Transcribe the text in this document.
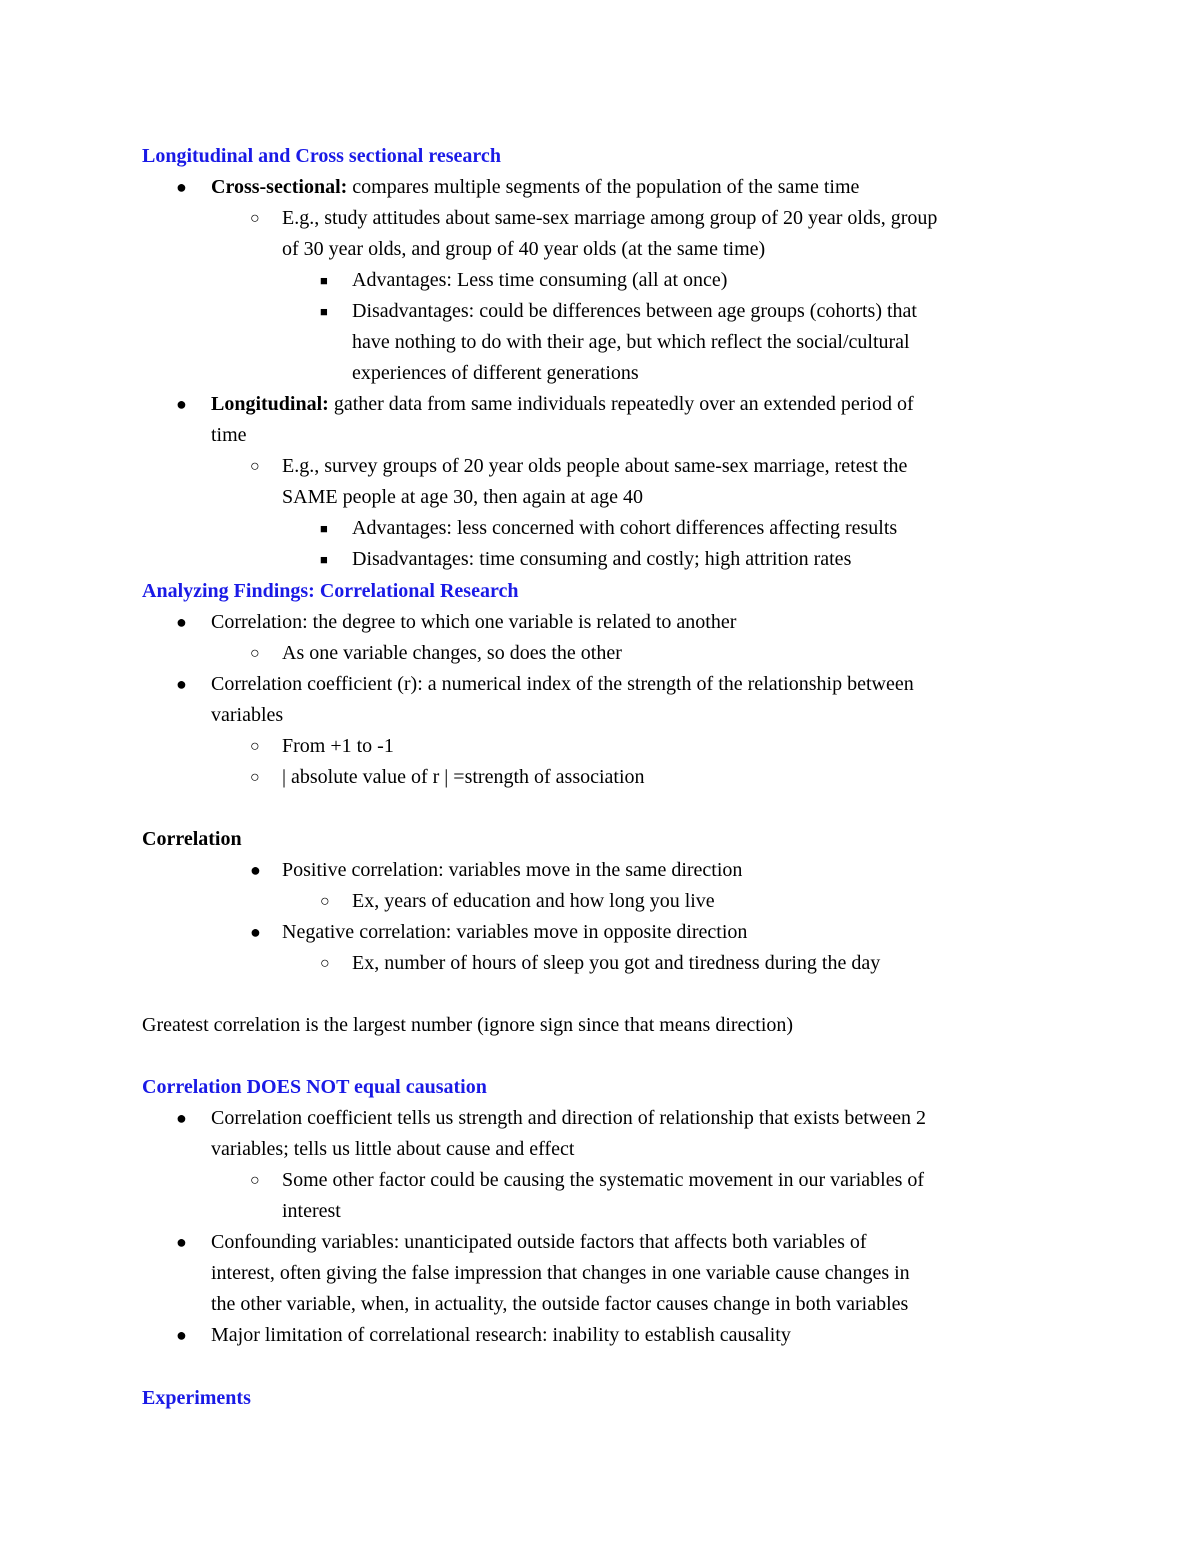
Longitudinal and Cross sectional research
● Cross-sectional: compares multiple segments of the population of the same time
○ E.g., study attitudes about same-sex marriage among group of 20 year olds, group
of 30 year olds, and group of 40 year olds (at the same time)
■ Advantages: Less time consuming (all at once)
■ Disadvantages: could be differences between age groups (cohorts) that
have nothing to do with their age, but which reflect the social/cultural
experiences of different generations
● Longitudinal: gather data from same individuals repeatedly over an extended period of
time
○ E.g., survey groups of 20 year olds people about same-sex marriage, retest the
SAME people at age 30, then again at age 40
■ Advantages: less concerned with cohort differences affecting results
■ Disadvantages: time consuming and costly; high attrition rates
Analyzing Findings: Correlational Research
● Correlation: the degree to which one variable is related to another
○ As one variable changes, so does the other
● Correlation coefficient (r): a numerical index of the strength of the relationship between
variables
○ From +1 to -1
○ | absolute value of r | =strength of association
Correlation
● Positive correlation: variables move in the same direction
○ Ex, years of education and how long you live
● Negative correlation: variables move in opposite direction
○ Ex, number of hours of sleep you got and tiredness during the day
Greatest correlation is the largest number (ignore sign since that means direction)
Correlation DOES NOT equal causation
● Correlation coefficient tells us strength and direction of relationship that exists between 2
variables; tells us little about cause and effect
○ Some other factor could be causing the systematic movement in our variables of
interest
● Confounding variables: unanticipated outside factors that affects both variables of
interest, often giving the false impression that changes in one variable cause changes in
the other variable, when, in actuality, the outside factor causes change in both variables
● Major limitation of correlational research: inability to establish causality
Experiments
